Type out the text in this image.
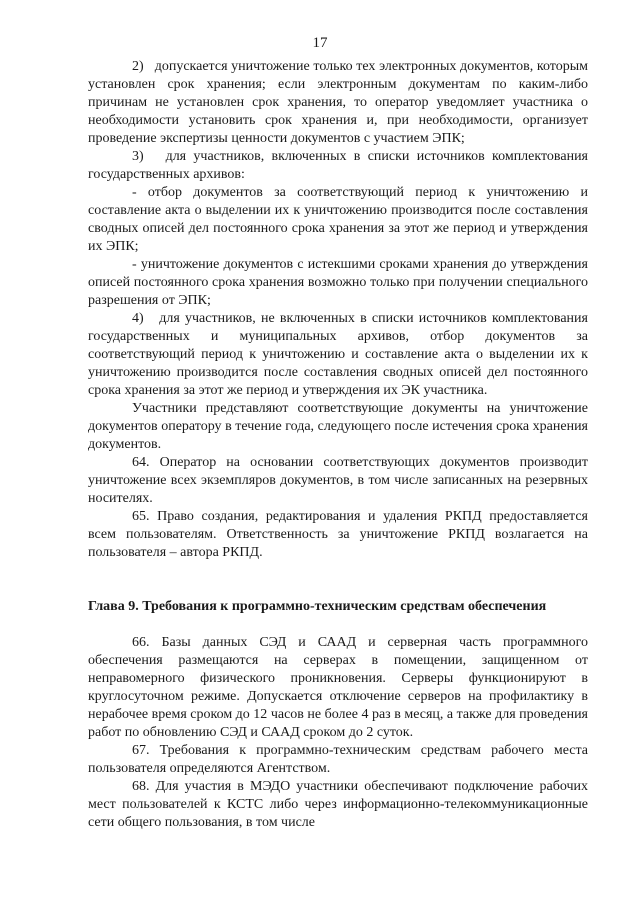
17

2)   допускается уничтожение только тех электронных документов, которым установлен срок хранения; если электронным документам по каким-либо причинам не установлен срок хранения, то оператор уведомляет участника о необходимости установить срок хранения и, при необходимости, организует проведение экспертизы ценности документов с участием ЭПК;

3)   для участников, включенных в списки источников комплектования государственных архивов:

- отбор документов за соответствующий период к уничтожению и составление акта о выделении их к уничтожению производится после составления сводных описей дел постоянного срока хранения за этот же период и утверждения их ЭПК;

- уничтожение документов с истекшими сроками хранения до утверждения описей постоянного срока хранения возможно только при получении специального разрешения от ЭПК;

4)   для участников, не включенных в списки источников комплектования государственных и муниципальных архивов, отбор документов за соответствующий период к уничтожению и составление акта о выделении их к уничтожению производится после составления сводных описей дел постоянного срока хранения за этот же период и утверждения их ЭК участника.

Участники представляют соответствующие документы на уничтожение документов оператору в течение года, следующего после истечения срока хранения документов.

64. Оператор на основании соответствующих документов производит уничтожение всех экземпляров документов, в том числе записанных на резервных носителях.

65. Право создания, редактирования и удаления РКПД предоставляется всем пользователям. Ответственность за уничтожение РКПД возлагается на пользователя – автора РКПД.

Глава 9. Требования к программно-техническим средствам обеспечения

66. Базы данных СЭД и СААД и серверная часть программного обеспечения размещаются на серверах в помещении, защищенном от неправомерного физического проникновения. Серверы функционируют в круглосуточном режиме. Допускается отключение серверов на профилактику в нерабочее время сроком до 12 часов не более 4 раз в месяц, а также для проведения работ по обновлению СЭД и СААД сроком до 2 суток.

67. Требования к программно-техническим средствам рабочего места пользователя определяются Агентством.

68. Для участия в МЭДО участники обеспечивают подключение рабочих мест пользователей к КСТС либо через информационно-телекоммуникационные сети общего пользования, в том числе
